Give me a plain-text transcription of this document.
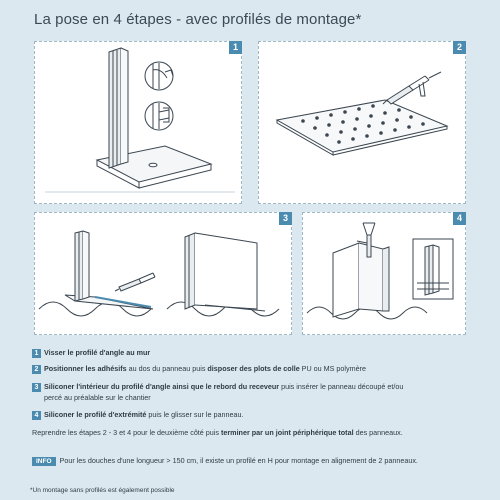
La pose en 4 étapes - avec profilés de montage*
1	2
3	4
1 Visser le profilé d'angle au mur
2 Positionner les adhésifs au dos du panneau puis disposer des plots de colle PU ou MS polymère
3 Siliconer l'intérieur du profilé d'angle ainsi que le rebord du receveur puis insérer le panneau découpé et/ou
percé au préalable sur le chantier
4 Siliconer le profilé d'extrémité puis le glisser sur le panneau.
Reprendre les étapes 2 - 3 et 4 pour le deuxième côté puis terminer par un joint périphérique total des panneaux.
INFO Pour les douches d'une longueur > 150 cm, il existe un profilé en H pour montage en alignement de 2 panneaux.
*Un montage sans profilés est également possible
